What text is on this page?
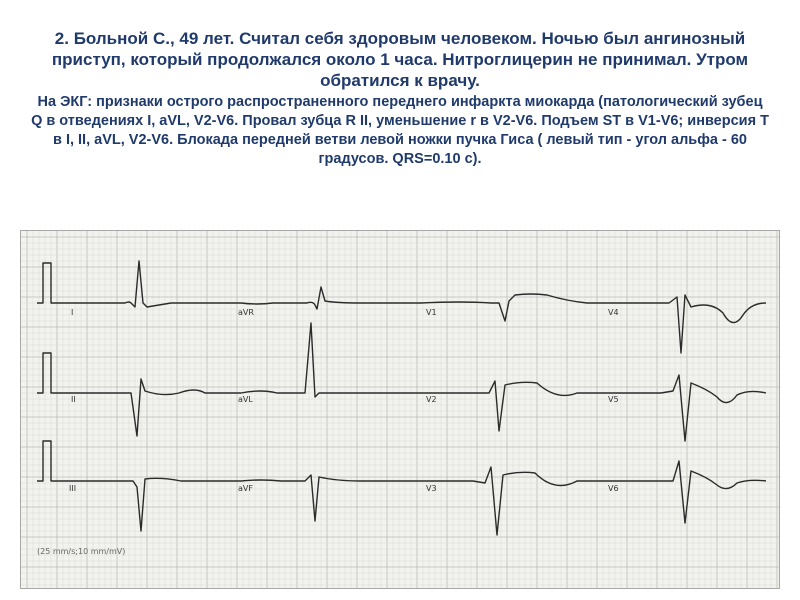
2. Больной С., 49 лет. Считал себя здоровым человеком. Ночью был ангинозный приступ, который продолжался около 1 часа. Нитроглицерин не принимал. Утром обратился к врачу.

На ЭКГ: признаки острого распространенного переднего инфаркта миокарда (патологический зубец Q в отведениях I, aVL, V2-V6. Провал зубца R II, уменьшение r в V2-V6. Подъем ST в V1-V6; инверсия Т в I, II, aVL, V2-V6. Блокада передней ветви левой ножки пучка Гиса ( левый тип - угол альфа - 60 градусов. QRS=0.10 с).

I	aVR	V1	V4
II	aVL	V2	V5
III	aVF	V3	V6
(25 mm/s;10 mm/mV)
